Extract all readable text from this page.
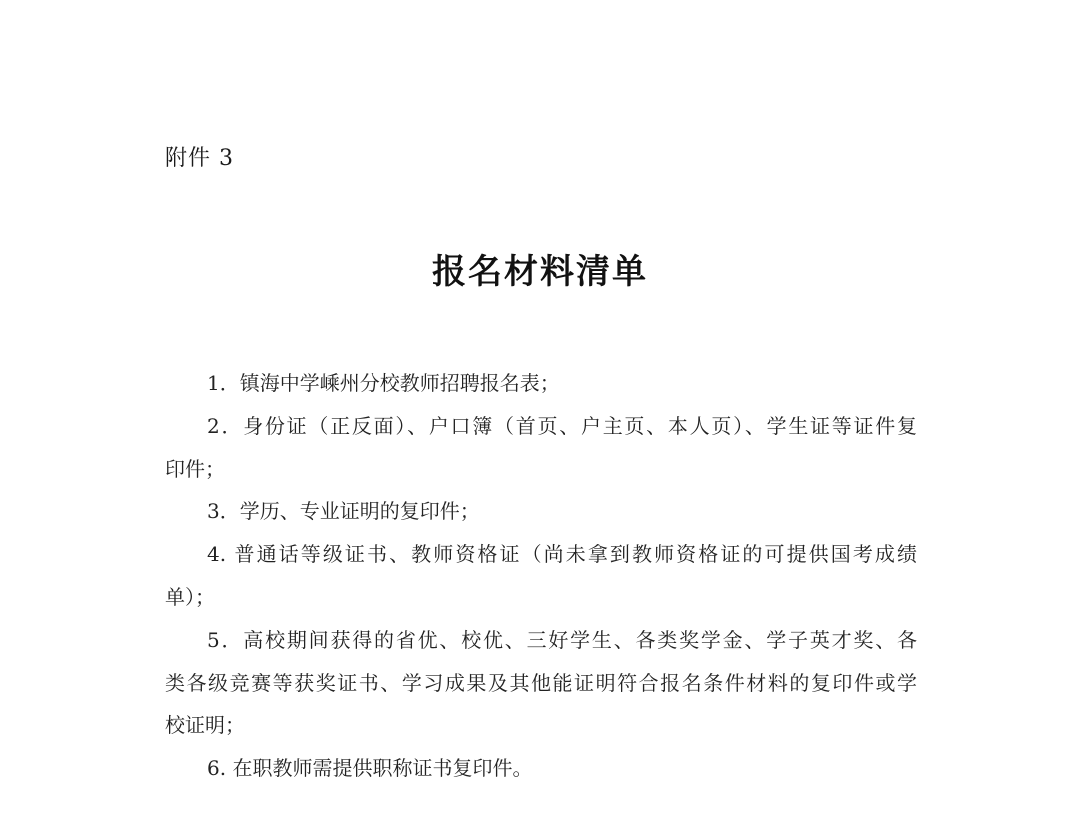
附件 3
报名材料清单
1．镇海中学嵊州分校教师招聘报名表；
2．身份证（正反面）、户口簿（首页、户主页、本人页）、学生证等证件复
印件；
3．学历、专业证明的复印件；
4. 普通话等级证书、教师资格证（尚未拿到教师资格证的可提供国考成绩
单）；
5．高校期间获得的省优、校优、三好学生、各类奖学金、学子英才奖、各
类各级竞赛等获奖证书、学习成果及其他能证明符合报名条件材料的复印件或学
校证明；
6. 在职教师需提供职称证书复印件。
